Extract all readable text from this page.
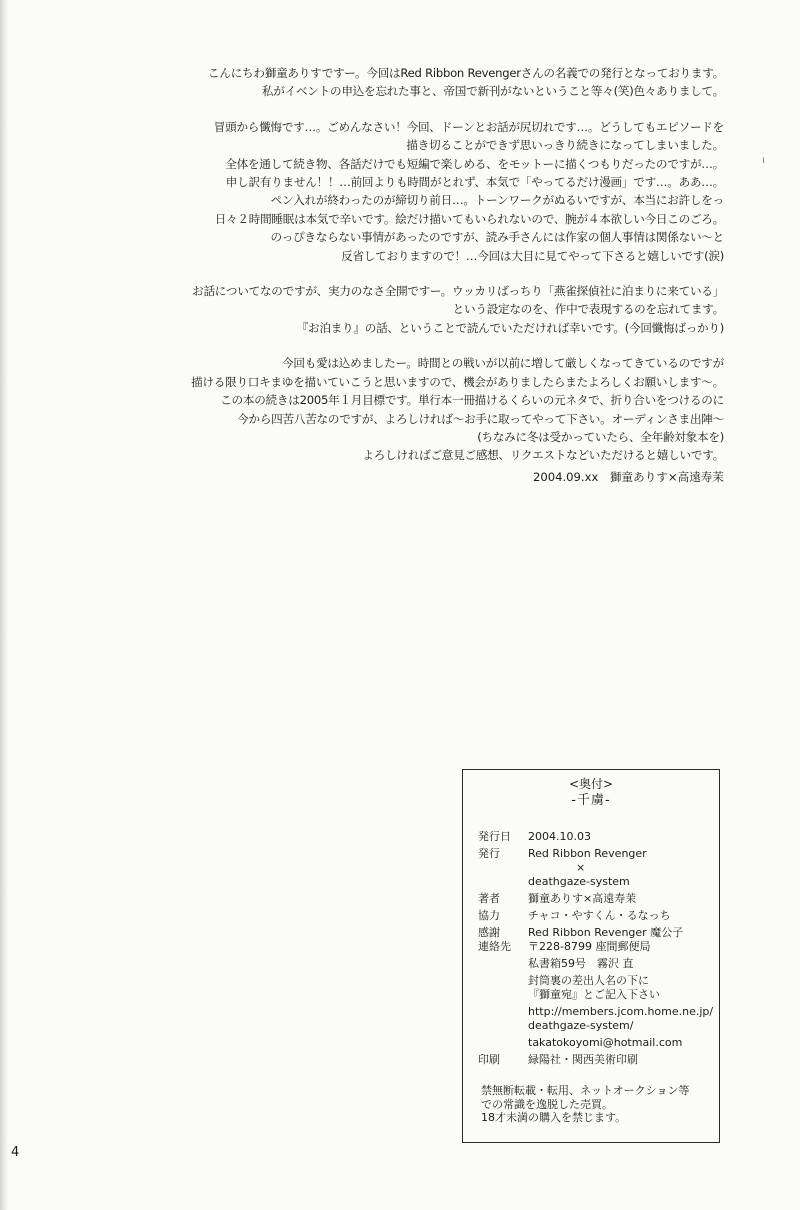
ı
こんにちわ獅童ありすですー。今回はRed Ribbon Revengerさんの名義での発行となっております。
私がイベントの申込を忘れた事と、帝国で新刊がないということ等々(笑)色々ありまして。
冒頭から懺悔です…。ごめんなさい！今回、ドーンとお話が尻切れです…。どうしてもエピソードを
描き切ることができず思いっきり続きになってしまいました。
全体を通して続き物、各話だけでも短編で楽しめる、をモットーに描くつもりだったのですが…。
申し訳有りません！！…前回よりも時間がとれず、本気で「やってるだけ漫画」です…。ああ…。
ペン入れが終わったのが締切り前日…。トーンワークがぬるいですが、本当にお許しをっ
日々２時間睡眠は本気で辛いです。絵だけ描いてもいられないので、腕が４本欲しい今日このごろ。
のっぴきならない事情があったのですが、読み手さんには作家の個人事情は関係ない～と
反省しておりますので！…今回は大目に見てやって下さると嬉しいです(涙)
お話についてなのですが、実力のなさ全開ですー。ウッカリばっちり「燕雀探偵社に泊まりに来ている」
という設定なのを、作中で表現するのを忘れてます。
『お泊まり』の話、ということで読んでいただければ幸いです。(今回懺悔ばっかり)
今回も愛は込めましたー。時間との戦いが以前に増して厳しくなってきているのですが
描ける限り口キまゆを描いていこうと思いますので、機会がありましたらまたよろしくお願いします～。
この本の続きは2005年１月目標です。単行本一冊描けるくらいの元ネタで、折り合いをつけるのに
今から四苦八苦なのですが、よろしければ～お手に取ってやって下さい。オーディンさま出陣～
(ちなみに冬は受かっていたら、全年齢対象本を)
よろしければご意見ご感想、リクエストなどいただけると嬉しいです。
2004.09.xx　獅童ありす×高遠寿茉
<奥付>
-千虜-
発行日 2004.10.03
発行	Red Ribbon Revenger
×
deathgaze-system
著者	獅童ありす×高遠寿茉
協力	チャコ・やすくん・るなっち
感謝	Red Ribbon Revenger 魔公子
連絡先 〒228-8799 座間郵便局
私書箱59号　霧沢 直
封筒裏の差出人名の下に
『獅童宛』とご記入下さい
http://members.jcom.home.ne.jp/
deathgaze-system/
takatokoyomi@hotmail.com
印刷	緑陽社・関西美術印刷
禁無断転載・転用、ネットオークション等
での常識を逸脱した売買。
18才未満の購入を禁じます。
4
